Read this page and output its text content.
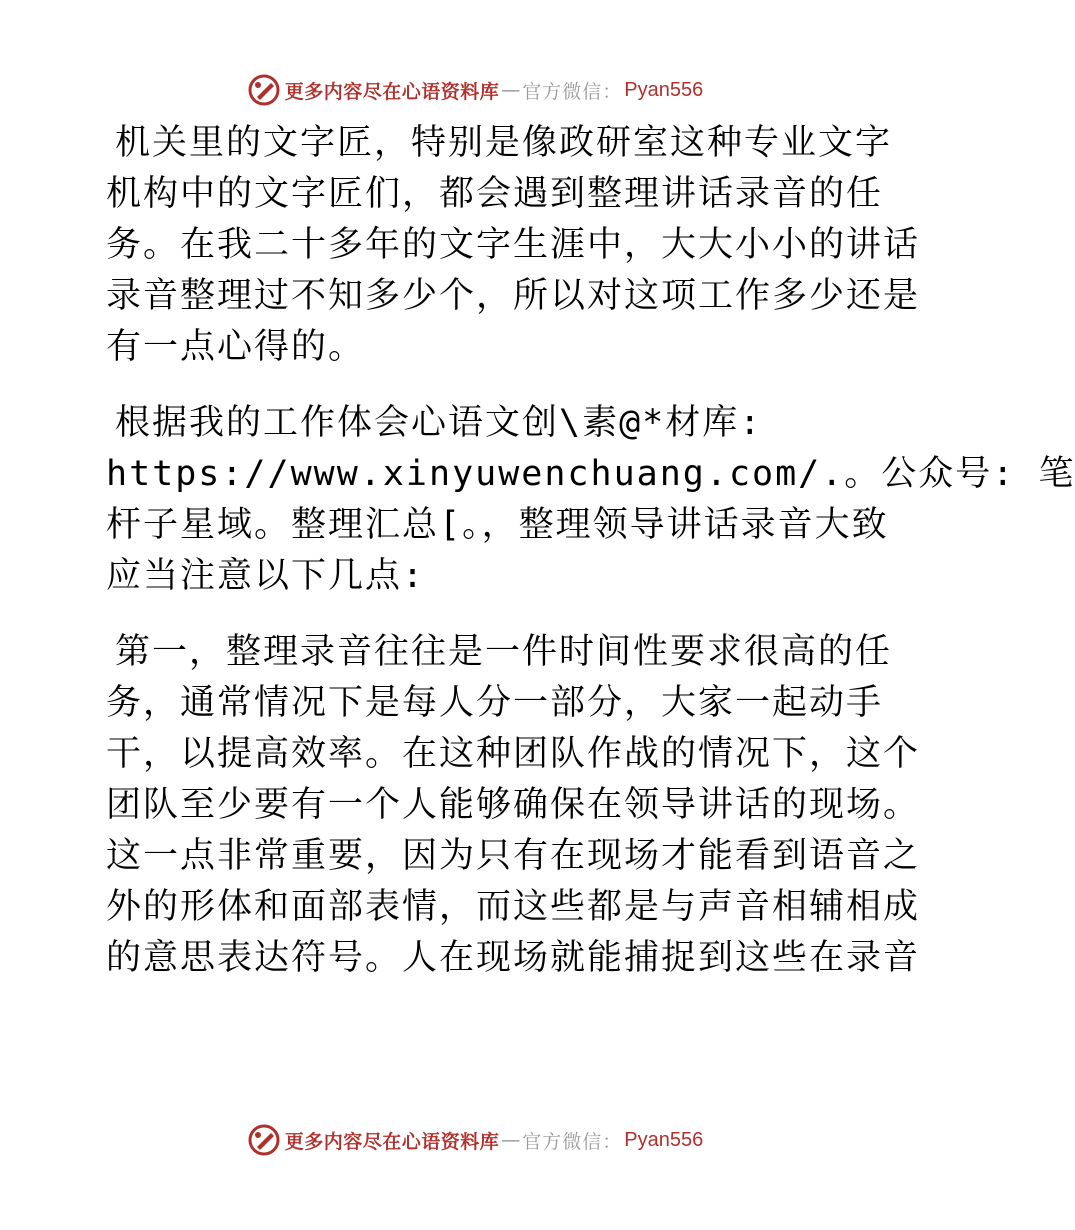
更多内容尽在心语资料库 — 官方微信： Pyan556
机关里的文字匠，特别是像政研室这种专业文字
机构中的文字匠们，都会遇到整理讲话录音的任
务。在我二十多年的文字生涯中，大大小小的讲话
录音整理过不知多少个，所以对这项工作多少还是
有一点心得的。
根据我的工作体会心语文创\素@*材库:
https://www.xinyuwenchuang.com/.。公众号: 笔
杆子星域。整理汇总[。，整理领导讲话录音大致
应当注意以下几点:
第一，整理录音往往是一件时间性要求很高的任
务，通常情况下是每人分一部分，大家一起动手
干，以提高效率。在这种团队作战的情况下，这个
团队至少要有一个人能够确保在领导讲话的现场。
这一点非常重要，因为只有在现场才能看到语音之
外的形体和面部表情，而这些都是与声音相辅相成
的意思表达符号。人在现场就能捕捉到这些在录音
更多内容尽在心语资料库 — 官方微信： Pyan556
